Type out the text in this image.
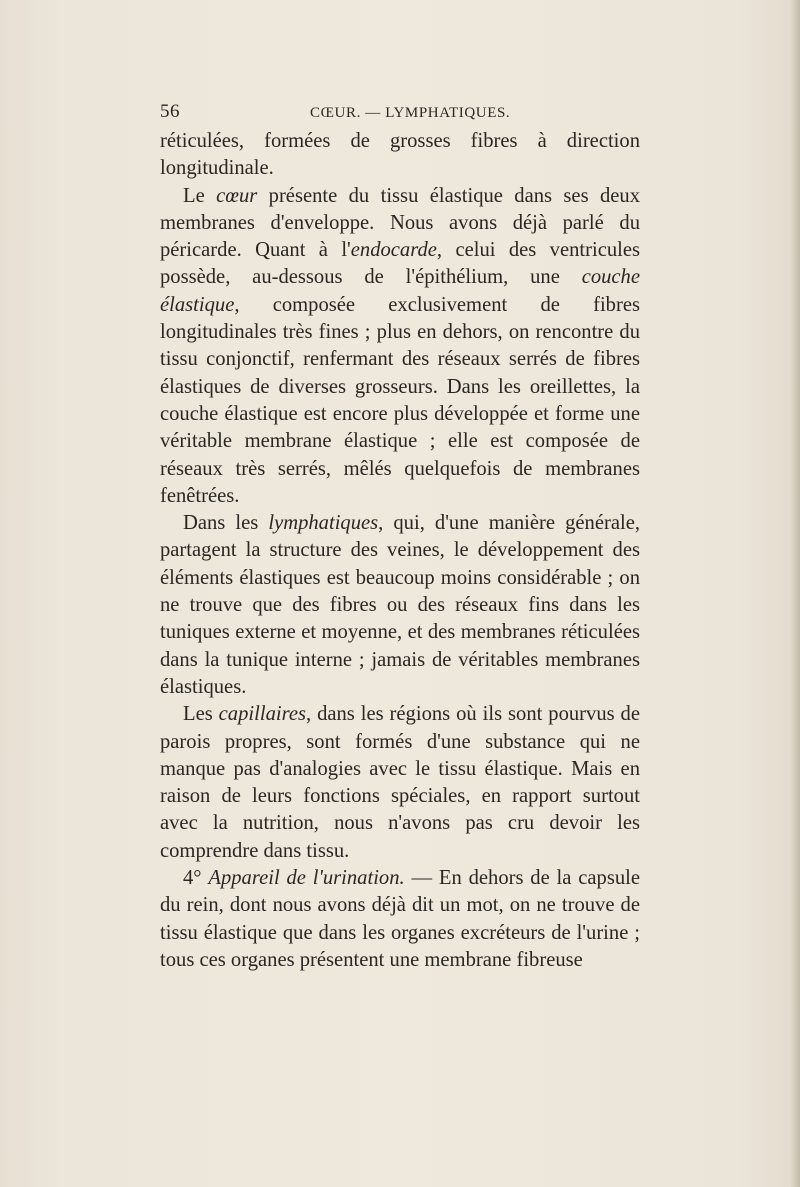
56	CŒUR. — LYMPHATIQUES.

réticulées, formées de grosses fibres à direction longitudinale.

Le cœur présente du tissu élastique dans ses deux membranes d'enveloppe. Nous avons déjà parlé du péricarde. Quant à l'endocarde, celui des ventricules possède, au-dessous de l'épithélium, une couche élastique, composée exclusivement de fibres longitudinales très fines ; plus en dehors, on rencontre du tissu conjonctif, renfermant des réseaux serrés de fibres élastiques de diverses grosseurs. Dans les oreillettes, la couche élastique est encore plus développée et forme une véritable membrane élastique ; elle est composée de réseaux très serrés, mêlés quelquefois de membranes fenêtrées.

Dans les lymphatiques, qui, d'une manière générale, partagent la structure des veines, le développement des éléments élastiques est beaucoup moins considérable ; on ne trouve que des fibres ou des réseaux fins dans les tuniques externe et moyenne, et des membranes réticulées dans la tunique interne ; jamais de véritables membranes élastiques.

Les capillaires, dans les régions où ils sont pourvus de parois propres, sont formés d'une substance qui ne manque pas d'analogies avec le tissu élastique. Mais en raison de leurs fonctions spéciales, en rapport surtout avec la nutrition, nous n'avons pas cru devoir les comprendre dans tissu.

4° Appareil de l'urination. — En dehors de la capsule du rein, dont nous avons déjà dit un mot, on ne trouve de tissu élastique que dans les organes excréteurs de l'urine ; tous ces organes présentent une membrane fibreuse
